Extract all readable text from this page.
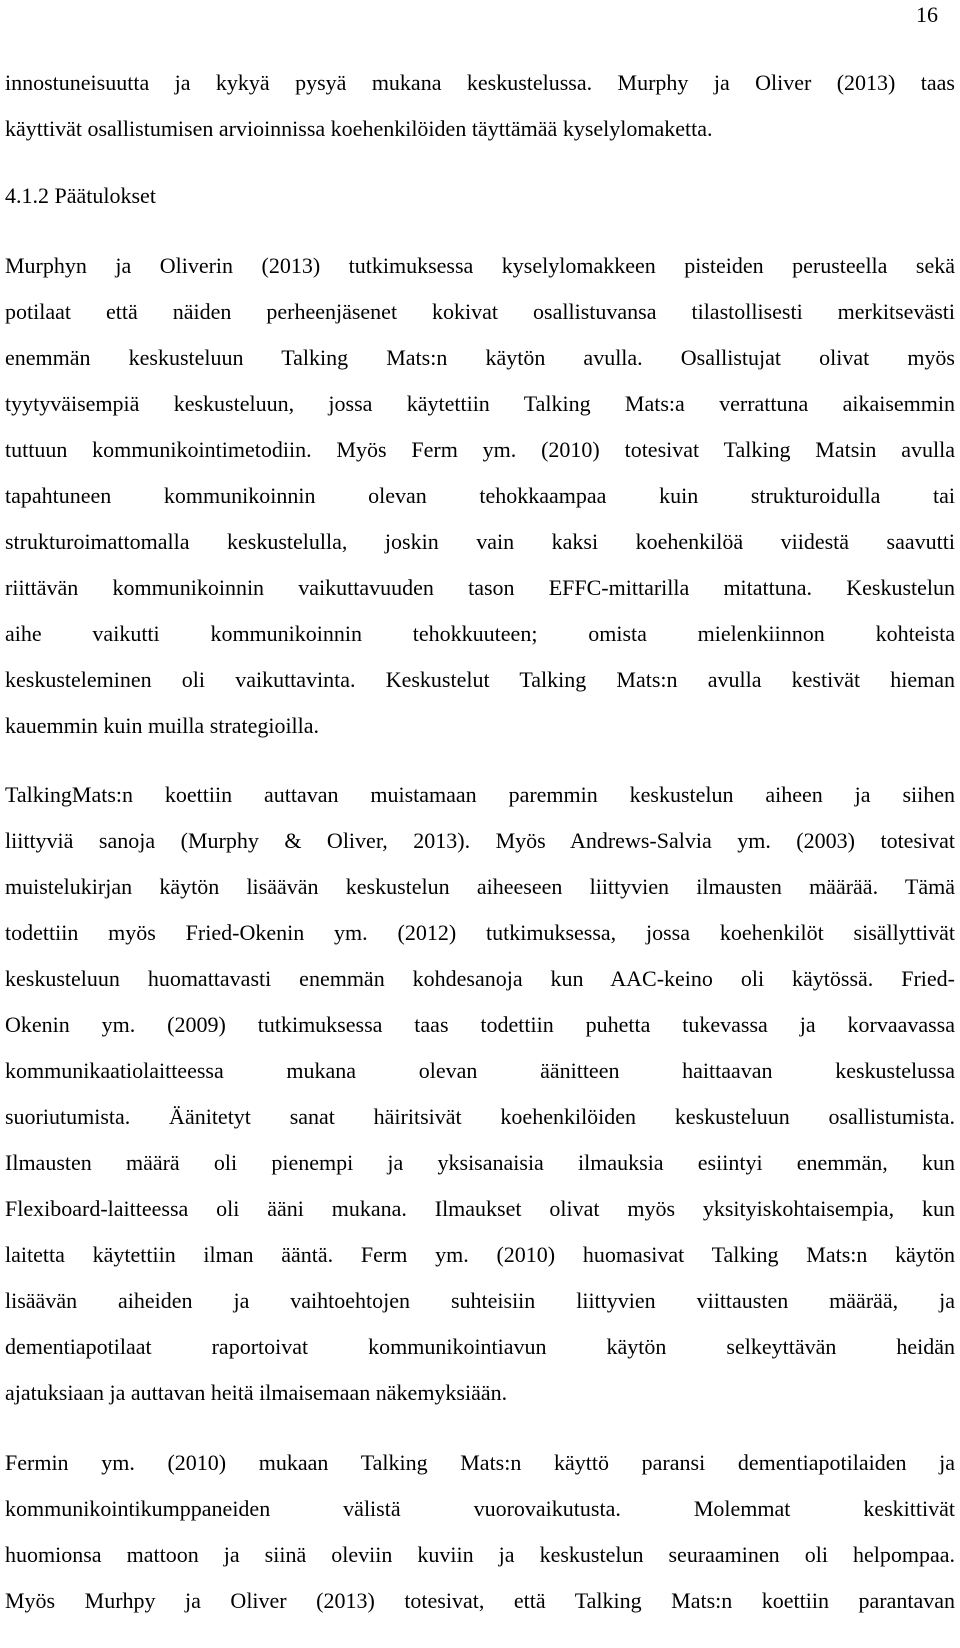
16
innostuneisuutta ja kykyä pysyä mukana keskustelussa. Murphy ja Oliver (2013) taas
käyttivät osallistumisen arvioinnissa koehenkilöiden täyttämää kyselylomaketta.
4.1.2 Päätulokset
Murphyn ja Oliverin (2013) tutkimuksessa kyselylomakkeen pisteiden perusteella sekä
potilaat että näiden perheenjäsenet kokivat osallistuvansa tilastollisesti merkitsevästi
enemmän keskusteluun Talking Mats:n käytön avulla. Osallistujat olivat myös
tyytyväisempiä keskusteluun, jossa käytettiin Talking Mats:a verrattuna aikaisemmin
tuttuun kommunikointimetodiin. Myös Ferm ym. (2010) totesivat Talking Matsin avulla
tapahtuneen kommunikoinnin olevan tehokkaampaa kuin strukturoidulla tai
strukturoimattomalla keskustelulla, joskin vain kaksi koehenkilöä viidestä saavutti
riittävän kommunikoinnin vaikuttavuuden tason EFFC-mittarilla mitattuna. Keskustelun
aihe vaikutti kommunikoinnin tehokkuuteen; omista mielenkiinnon kohteista
keskusteleminen oli vaikuttavinta. Keskustelut Talking Mats:n avulla kestivät hieman
kauemmin kuin muilla strategioilla.
TalkingMats:n koettiin auttavan muistamaan paremmin keskustelun aiheen ja siihen
liittyviä sanoja (Murphy & Oliver, 2013). Myös Andrews-Salvia ym. (2003) totesivat
muistelukirjan käytön lisäävän keskustelun aiheeseen liittyvien ilmausten määrää. Tämä
todettiin myös Fried-Okenin ym. (2012) tutkimuksessa, jossa koehenkilöt sisällyttivät
keskusteluun huomattavasti enemmän kohdesanoja kun AAC-keino oli käytössä. Fried-
Okenin ym. (2009) tutkimuksessa taas todettiin puhetta tukevassa ja korvaavassa
kommunikaatiolaitteessa mukana olevan äänitteen haittaavan keskustelussa
suoriutumista. Äänitetyt sanat häiritsivät koehenkilöiden keskusteluun osallistumista.
Ilmausten määrä oli pienempi ja yksisanaisia ilmauksia esiintyi enemmän, kun
Flexiboard-laitteessa oli ääni mukana. Ilmaukset olivat myös yksityiskohtaisempia, kun
laitetta käytettiin ilman ääntä. Ferm ym. (2010) huomasivat Talking Mats:n käytön
lisäävän aiheiden ja vaihtoehtojen suhteisiin liittyvien viittausten määrää, ja
dementiapotilaat raportoivat kommunikointiavun käytön selkeyttävän heidän
ajatuksiaan ja auttavan heitä ilmaisemaan näkemyksiään.
Fermin ym. (2010) mukaan Talking Mats:n käyttö paransi dementiapotilaiden ja
kommunikointikumppaneiden välistä vuorovaikutusta. Molemmat keskittivät
huomionsa mattoon ja siinä oleviin kuviin ja keskustelun seuraaminen oli helpompaa.
Myös Murhpy ja Oliver (2013) totesivat, että Talking Mats:n koettiin parantavan
